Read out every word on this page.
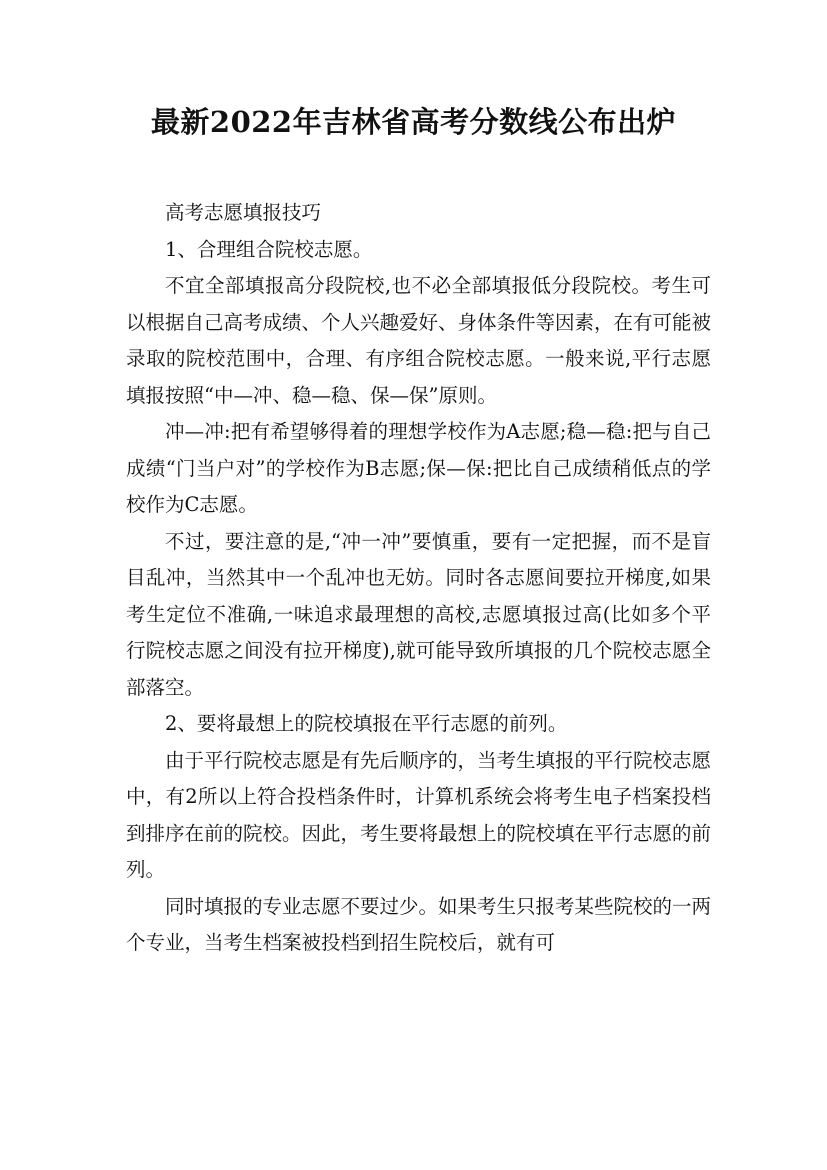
最新2022年吉林省高考分数线公布出炉

高考志愿填报技巧

1、合理组合院校志愿。

不宜全部填报高分段院校,也不必全部填报低分段院校。考生可以根据自己高考成绩、个人兴趣爱好、身体条件等因素，在有可能被录取的院校范围中，合理、有序组合院校志愿。一般来说,平行志愿填报按照“中—冲、稳—稳、保—保”原则。

冲—冲:把有希望够得着的理想学校作为A志愿;稳—稳:把与自己成绩“门当户对”的学校作为B志愿;保—保:把比自己成绩稍低点的学校作为C志愿。

不过，要注意的是,“冲一冲”要慎重，要有一定把握，而不是盲目乱冲，当然其中一个乱冲也无妨。同时各志愿间要拉开梯度,如果考生定位不准确,一味追求最理想的高校,志愿填报过高(比如多个平行院校志愿之间没有拉开梯度),就可能导致所填报的几个院校志愿全部落空。

2、要将最想上的院校填报在平行志愿的前列。

由于平行院校志愿是有先后顺序的，当考生填报的平行院校志愿中，有2所以上符合投档条件时，计算机系统会将考生电子档案投档到排序在前的院校。因此，考生要将最想上的院校填在平行志愿的前列。

同时填报的专业志愿不要过少。如果考生只报考某些院校的一两个专业，当考生档案被投档到招生院校后，就有可
